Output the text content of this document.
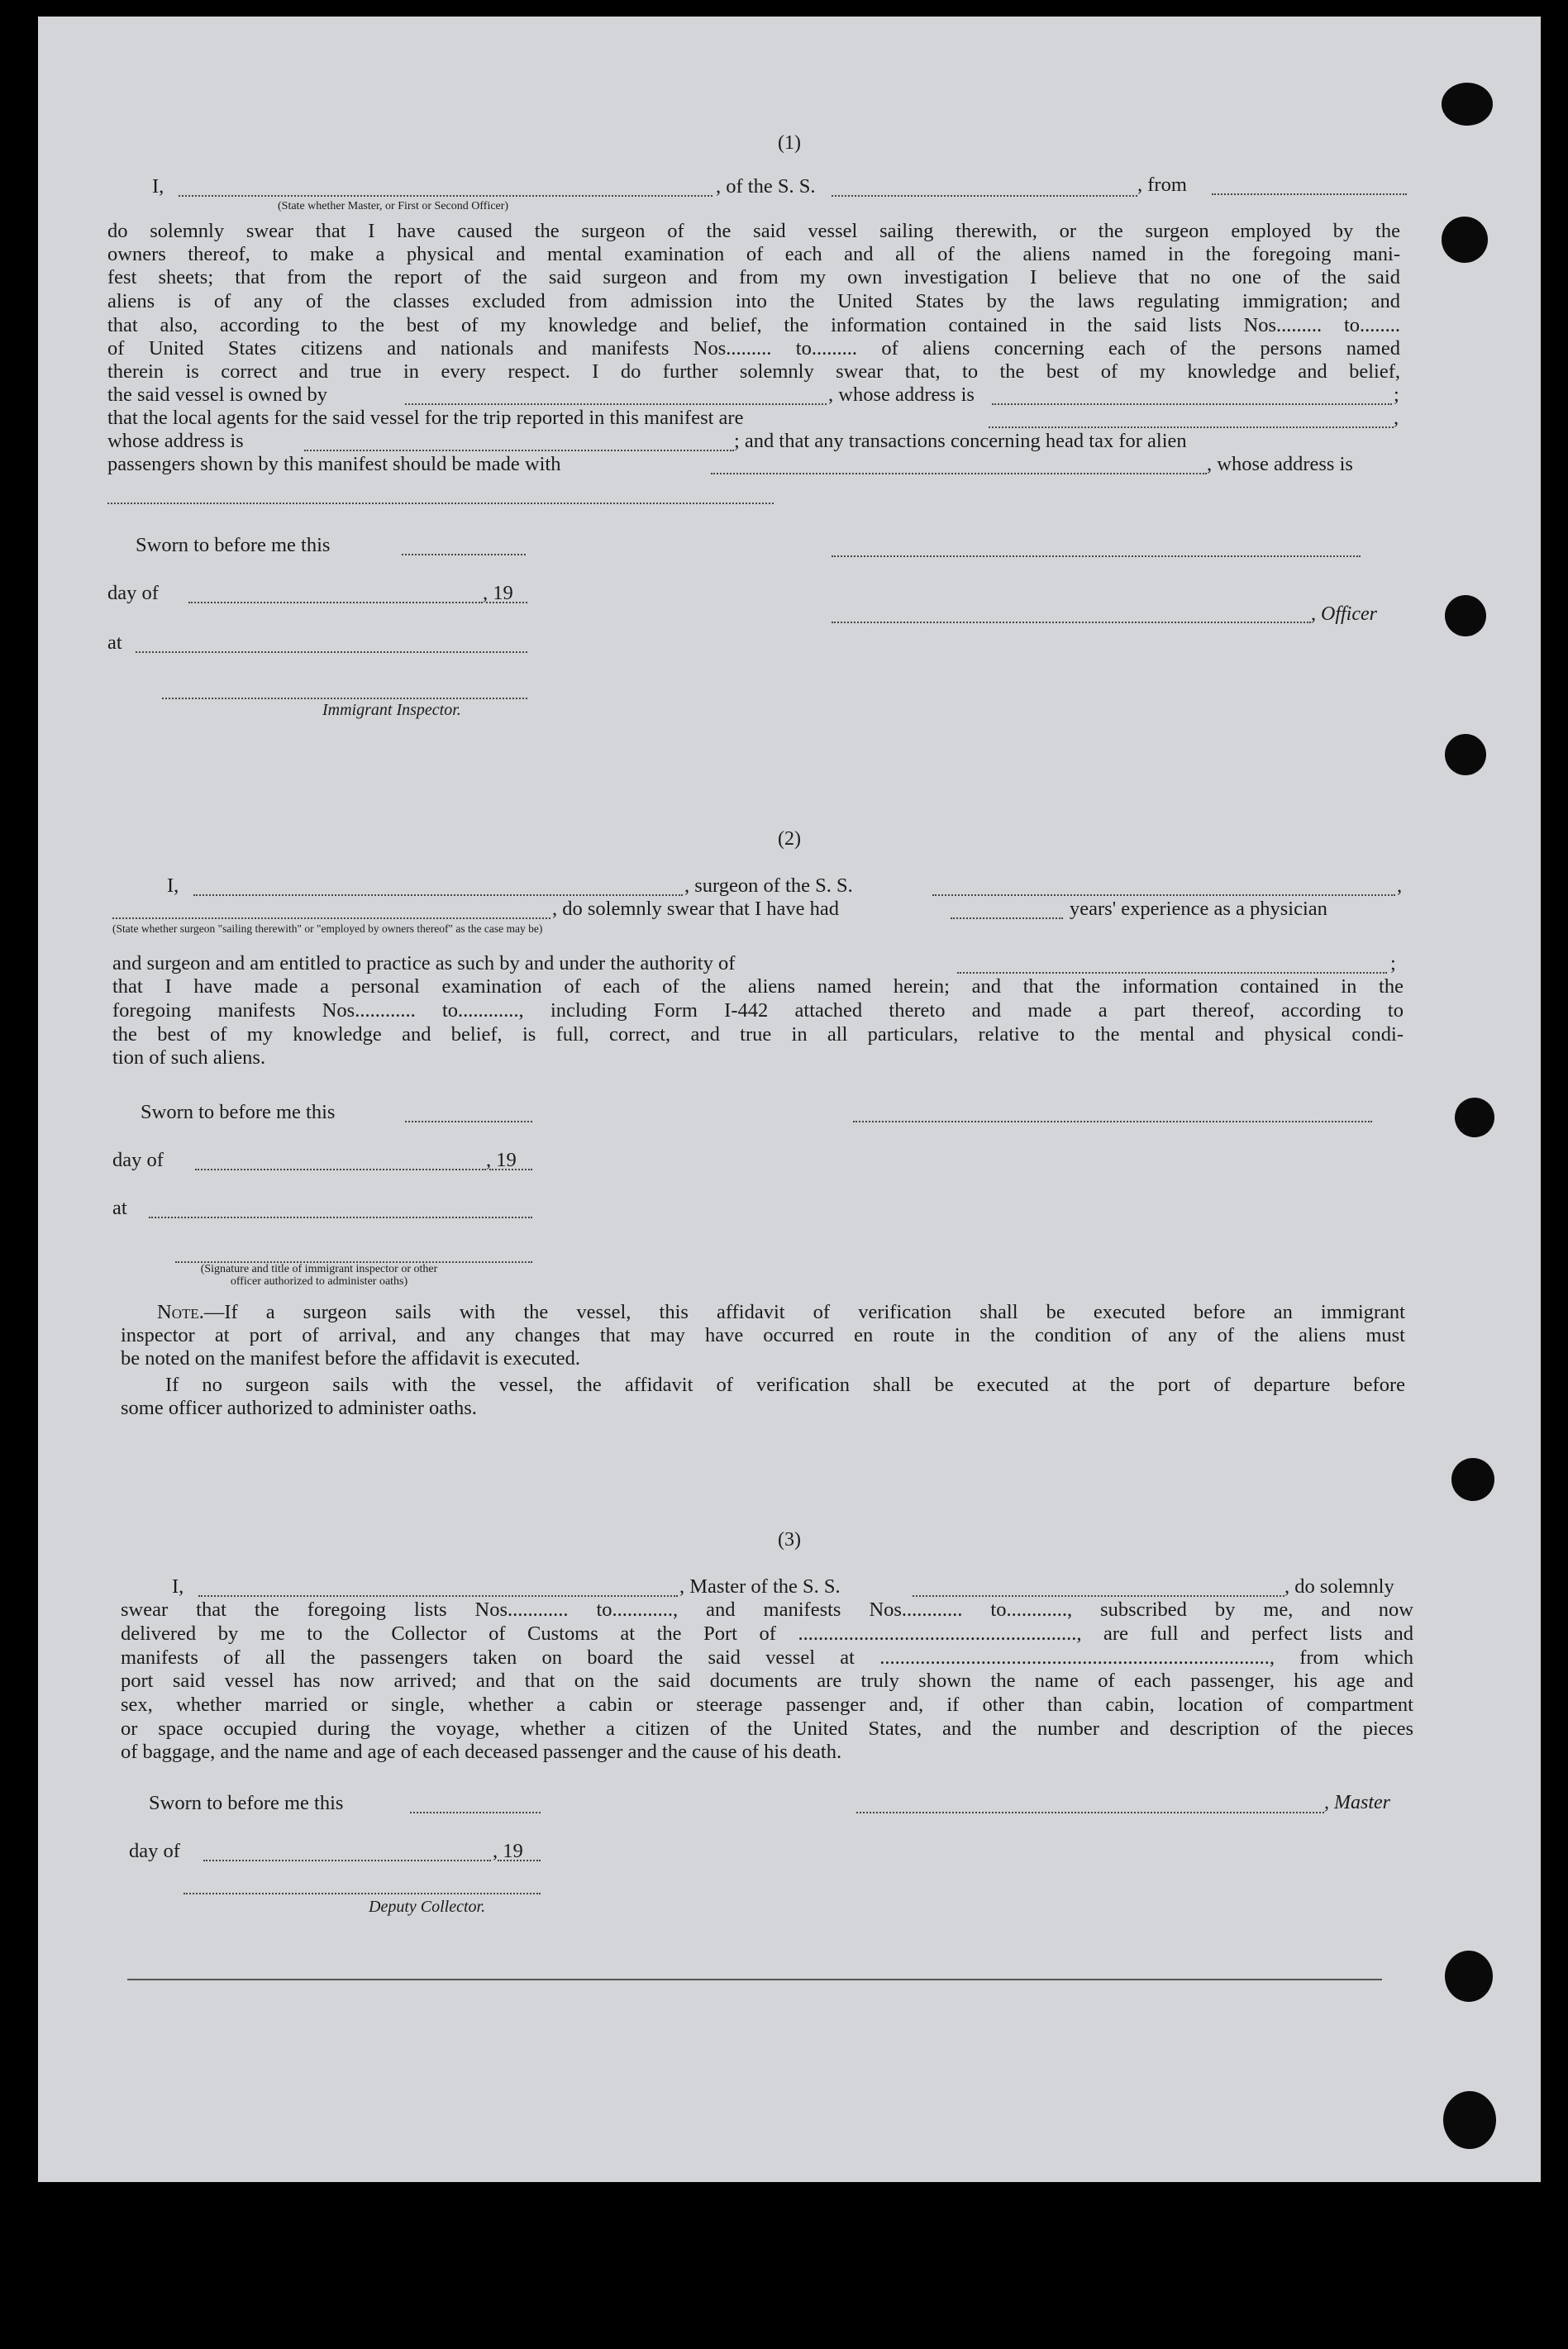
(1)
I,	, of the S. S.	, from
(State whether Master, or First or Second Officer)

do solemnly swear that I have caused the surgeon of the said vessel sailing therewith, or the surgeon employed by the

owners thereof, to make a physical and mental examination of each and all of the aliens named in the foregoing mani-

fest sheets; that from the report of the said surgeon and from my own investigation I believe that no one of the said

aliens is of any of the classes excluded from admission into the United States by the laws regulating immigration; and

that also, according to the best of my knowledge and belief, the information contained in the said lists Nos......... to........

of United States citizens and nationals and manifests Nos......... to......... of aliens concerning each of the persons named

therein is correct and true in every respect. I do further solemnly swear that, to the best of my knowledge and belief,

the said vessel is owned by	, whose address is	;
that the local agents for the said vessel for the trip reported in this manifest are	,
whose address is	; and that any transactions concerning head tax for alien
passengers shown by this manifest should be made with	, whose address is
Sworn to before me this
day of	, 19
at
Immigrant Inspector.
, Officer
(2)
I,	, surgeon of the S. S.	,
, do solemnly swear that I have had	years' experience as a physician
(State whether surgeon "sailing therewith" or "employed by owners thereof" as the case may be)
and surgeon and am entitled to practice as such by and under the authority of	;

that I have made a personal examination of each of the aliens named herein; and that the information contained in the

foregoing manifests Nos............ to............, including Form I-442 attached thereto and made a part thereof, according to

the best of my knowledge and belief, is full, correct, and true in all particulars, relative to the mental and physical condi-

tion of such aliens.
Sworn to before me this
day of	, 19
at
(Signature and title of immigrant inspector or other officer authorized to administer oaths)

Note.—If a surgeon sails with the vessel, this affidavit of verification shall be executed before an immigrant

inspector at port of arrival, and any changes that may have occurred en route in the condition of any of the aliens must

be noted on the manifest before the affidavit is executed.

If no surgeon sails with the vessel, the affidavit of verification shall be executed at the port of departure before

some officer authorized to administer oaths.
(3)
I,	, Master of the S. S.	, do solemnly

swear that the foregoing lists Nos............ to............, and manifests Nos............ to............, subscribed by me, and now

delivered by me to the Collector of Customs at the Port of ......................................................., are full and perfect lists and

manifests of all the passengers taken on board the said vessel at ............................................................................., from which

port said vessel has now arrived; and that on the said documents are truly shown the name of each passenger, his age and

sex, whether married or single, whether a cabin or steerage passenger and, if other than cabin, location of compartment

or space occupied during the voyage, whether a citizen of the United States, and the number and description of the pieces

of baggage, and the name and age of each deceased passenger and the cause of his death.
Sworn to before me this
day of	, 19
Deputy Collector.
, Master
